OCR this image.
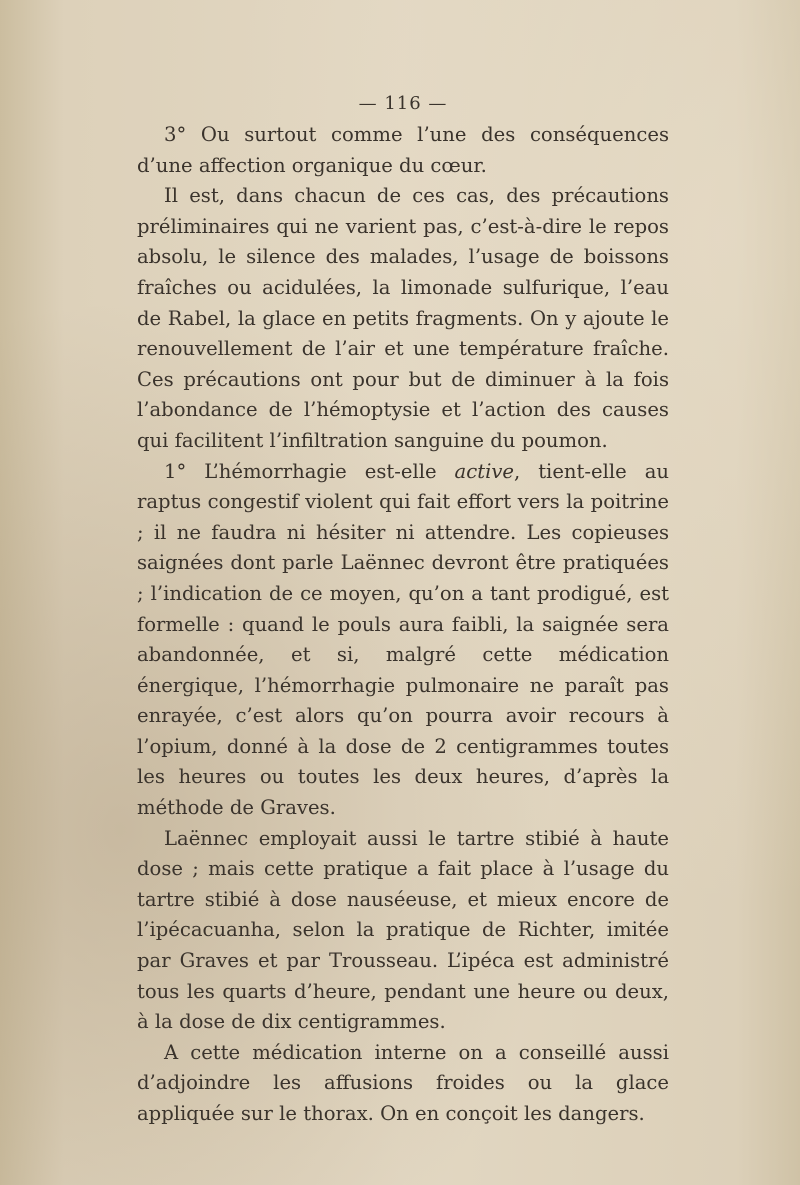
— 116 —

3° Ou surtout comme l’une des conséquences d’une affection organique du cœur.

Il est, dans chacun de ces cas, des précautions préliminaires qui ne varient pas, c’est-à-dire le repos absolu, le silence des malades, l’usage de boissons fraîches ou acidulées, la limonade sulfurique, l’eau de Rabel, la glace en petits fragments. On y ajoute le renouvellement de l’air et une température fraîche. Ces précautions ont pour but de diminuer à la fois l’abondance de l’hémoptysie et l’action des causes qui facilitent l’infiltration sanguine du poumon.

1° L’hémorrhagie est-elle active, tient-elle au raptus congestif violent qui fait effort vers la poitrine ; il ne faudra ni hésiter ni attendre. Les copieuses saignées dont parle Laënnec devront être pratiquées ; l’indication de ce moyen, qu’on a tant prodigué, est formelle : quand le pouls aura faibli, la saignée sera abandonnée, et si, malgré cette médication énergique, l’hémorrhagie pulmonaire ne paraît pas enrayée, c’est alors qu’on pourra avoir recours à l’opium, donné à la dose de 2 centigrammes toutes les heures ou toutes les deux heures, d’après la méthode de Graves.

Laënnec employait aussi le tartre stibié à haute dose ; mais cette pratique a fait place à l’usage du tartre stibié à dose nauséeuse, et mieux encore de l’ipécacuanha, selon la pratique de Richter, imitée par Graves et par Trousseau. L’ipéca est administré tous les quarts d’heure, pendant une heure ou deux, à la dose de dix centigrammes.

A cette médication interne on a conseillé aussi d’adjoindre les affusions froides ou la glace appliquée sur le thorax. On en conçoit les dangers.
